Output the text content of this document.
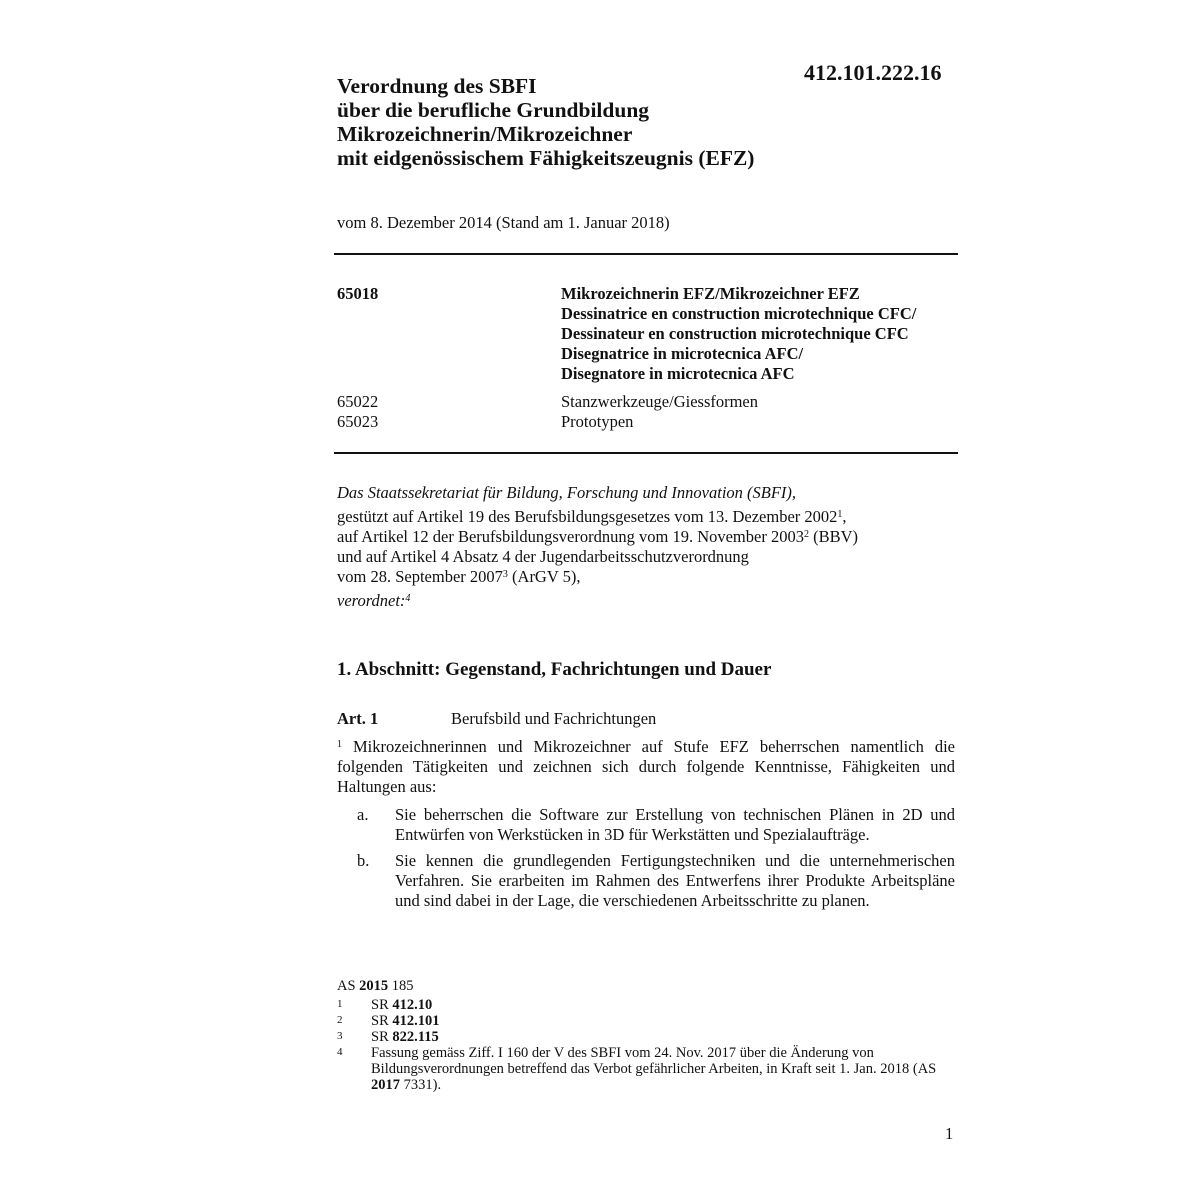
412.101.222.16
Verordnung des SBFI
über die berufliche Grundbildung
Mikrozeichnerin/Mikrozeichner
mit eidgenössischem Fähigkeitszeugnis (EFZ)
vom 8. Dezember 2014 (Stand am 1. Januar 2018)
65018	Mikrozeichnerin EFZ/Mikrozeichner EFZ
Dessinatrice en construction microtechnique CFC/
Dessinateur en construction microtechnique CFC
Disegnatrice in microtecnica AFC/
Disegnatore in microtecnica AFC
65022	Stanzwerkzeuge/Giessformen
65023	Prototypen
Das Staatssekretariat für Bildung, Forschung und Innovation (SBFI),
gestützt auf Artikel 19 des Berufsbildungsgesetzes vom 13. Dezember 2002$^1$,
auf Artikel 12 der Berufsbildungsverordnung vom 19. November 2003$^2$ (BBV)
und auf Artikel 4 Absatz 4 der Jugendarbeitsschutzverordnung
vom 28. September 2007$^3$ (ArGV 5),
verordnet:$^4$
1. Abschnitt: Gegenstand, Fachrichtungen und Dauer
Art. 1	Berufsbild und Fachrichtungen
$^1$ Mikrozeichnerinnen und Mikrozeichner auf Stufe EFZ beherrschen namentlich die folgenden Tätigkeiten und zeichnen sich durch folgende Kenntnisse, Fähigkeiten und Haltungen aus:
a.	Sie beherrschen die Software zur Erstellung von technischen Plänen in 2D und Entwürfen von Werkstücken in 3D für Werkstätten und Spezialaufträge.
b.	Sie kennen die grundlegenden Fertigungstechniken und die unternehmerischen Verfahren. Sie erarbeiten im Rahmen des Entwerfens ihrer Produkte Arbeitspläne und sind dabei in der Lage, die verschiedenen Arbeitsschritte zu planen.
AS 2015 185
1	SR 412.10
2	SR 412.101
3	SR 822.115
4	Fassung gemäss Ziff. I 160 der V des SBFI vom 24. Nov. 2017 über die Änderung von Bildungsverordnungen betreffend das Verbot gefährlicher Arbeiten, in Kraft seit 1. Jan. 2018 (AS 2017 7331).
1
